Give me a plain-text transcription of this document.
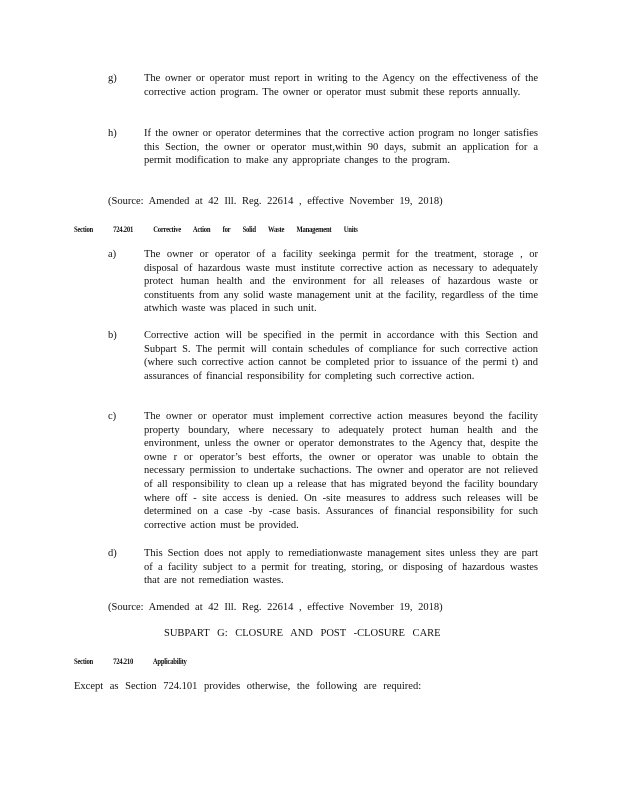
g)	The owner or operator must report in writing to the Agency on the effectiveness of the corrective action program. The owner or operator must submit these reports annually.
h)	If the owner or operator determines that the corrective action program no longer satisfies this Section, the owner or operator must,within 90 days, submit an application for a permit modification to make any appropriate changes to the program.
(Source: Amended at 42 Ill. Reg. 22614 , effective November 19, 2018)
Section 724.201 Corrective Action for Solid Waste Management Units
a)	The owner or operator of a facility seekinga permit for the treatment, storage , or disposal of hazardous waste must institute corrective action as necessary to adequately protect human health and the environment for all releases of hazardous waste or constituents from any solid waste management unit at the facility, regardless of the time atwhich waste was placed in such unit.
b)	Corrective action will be specified in the permit in accordance with this Section and Subpart S. The permit will contain schedules of compliance for such corrective action (where such corrective action cannot be completed prior to issuance of the permi t) and assurances of financial responsibility for completing such corrective action.
c)	The owner or operator must implement corrective action measures beyond the facility property boundary, where necessary to adequately protect human health and the environment, unless the owner or operator demonstrates to the Agency that, despite the owne r or operator’s best efforts, the owner or operator was unable to obtain the necessary permission to undertake suchactions. The owner and operator are not relieved of all responsibility to clean up a release that has migrated beyond the facility boundary where off - site access is denied. On -site measures to address such releases will be determined on a case -by -case basis. Assurances of financial responsibility for such corrective action must be provided.
d)	This Section does not apply to remediationwaste management sites unless they are part of a facility subject to a permit for treating, storing, or disposing of hazardous wastes that are not remediation wastes.
(Source: Amended at 42 Ill. Reg. 22614 , effective November 19, 2018)
SUBPART G: CLOSURE AND POST -CLOSURE CARE
Section 724.210 Applicability
Except as Section 724.101 provides otherwise, the following are required:
